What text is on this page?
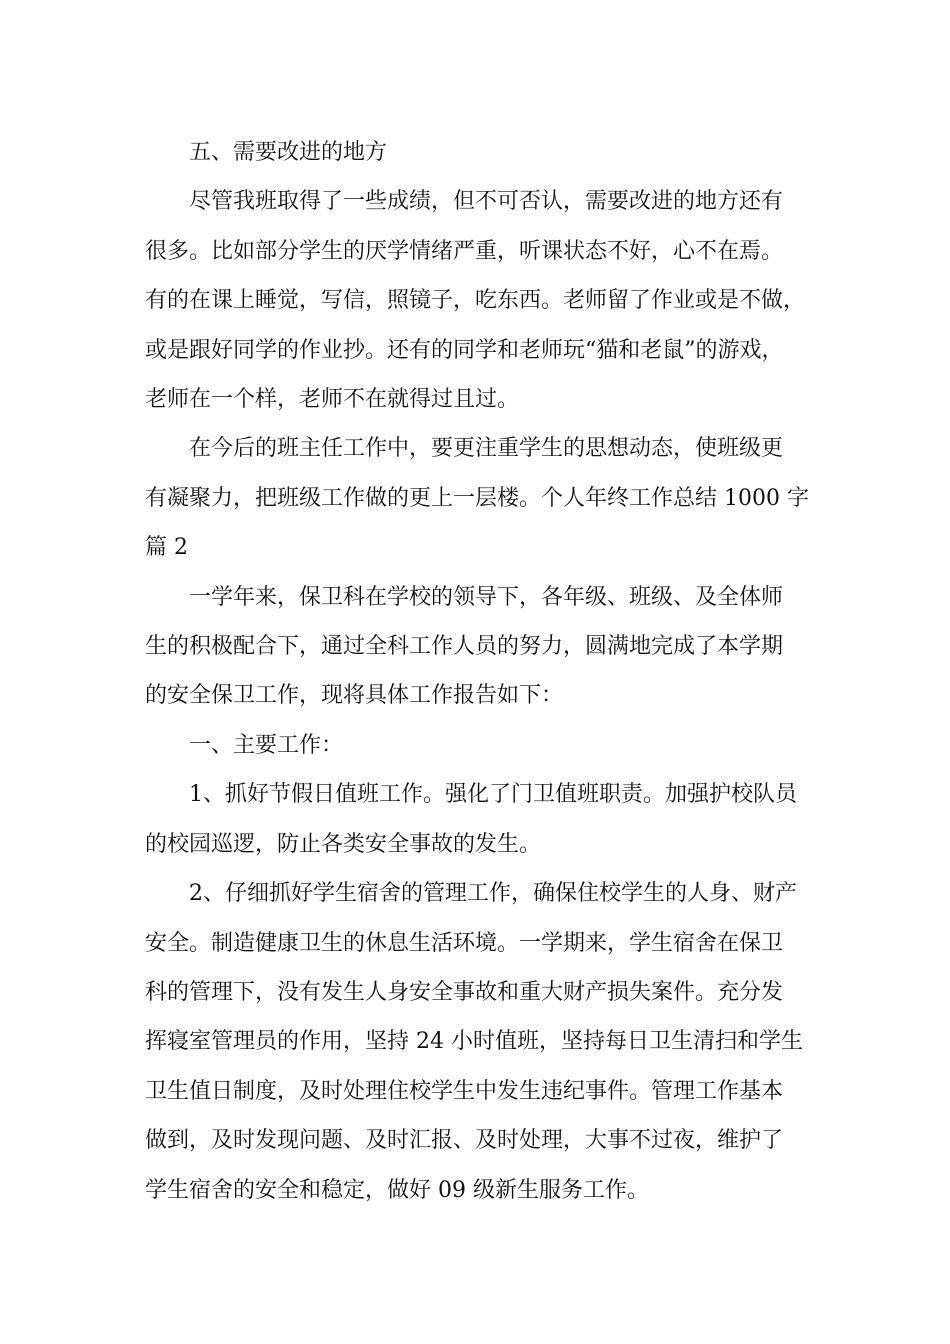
五、需要改进的地方

尽管我班取得了一些成绩，但不可否认，需要改进的地方还有
很多。比如部分学生的厌学情绪严重，听课状态不好，心不在焉。
有的在课上睡觉，写信，照镜子，吃东西。老师留了作业或是不做，
或是跟好同学的作业抄。还有的同学和老师玩“猫和老鼠”的游戏，
老师在一个样，老师不在就得过且过。

在今后的班主任工作中，要更注重学生的思想动态，使班级更
有凝聚力，把班级工作做的更上一层楼。个人年终工作总结 1000 字
篇 2

一学年来，保卫科在学校的领导下，各年级、班级、及全体师
生的积极配合下，通过全科工作人员的努力，圆满地完成了本学期
的安全保卫工作，现将具体工作报告如下：

一、主要工作：

1、抓好节假日值班工作。强化了门卫值班职责。加强护校队员
的校园巡逻，防止各类安全事故的发生。

2、仔细抓好学生宿舍的管理工作，确保住校学生的人身、财产
安全。制造健康卫生的休息生活环境。一学期来，学生宿舍在保卫
科的管理下，没有发生人身安全事故和重大财产损失案件。充分发
挥寝室管理员的作用，坚持 24 小时值班，坚持每日卫生清扫和学生
卫生值日制度，及时处理住校学生中发生违纪事件。管理工作基本
做到，及时发现问题、及时汇报、及时处理，大事不过夜，维护了
学生宿舍的安全和稳定，做好 09 级新生服务工作。
